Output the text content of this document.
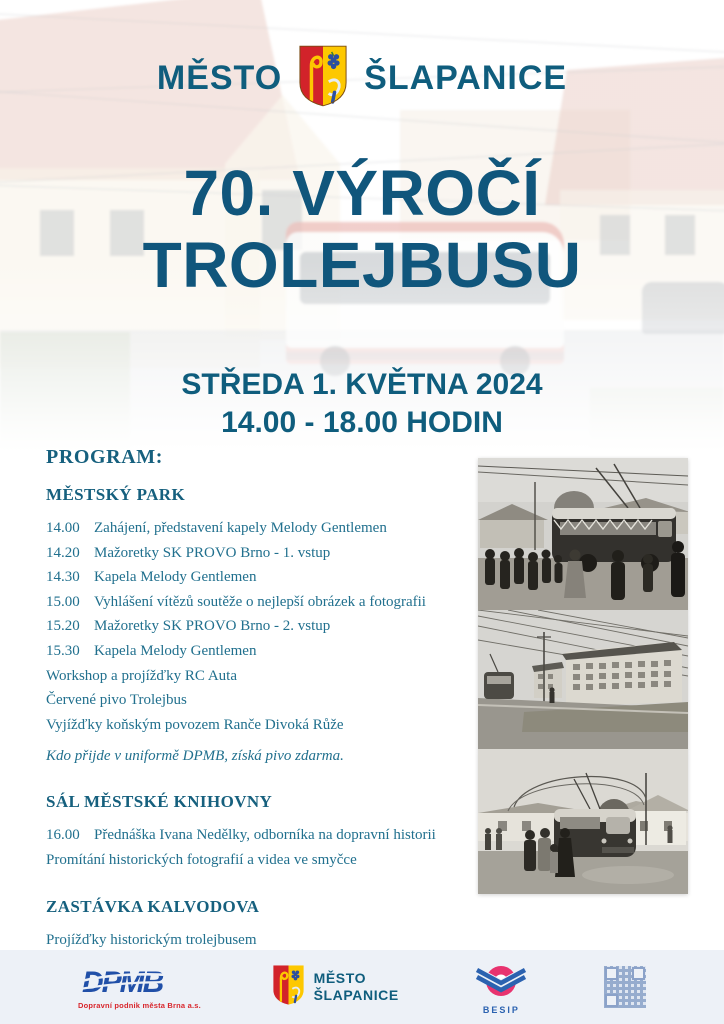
MĚSTO ŠLAPANICE
70. VÝROČÍ
TROLEJBUSU
STŘEDA 1. KVĚTNA 2024
14.00 - 18.00 HODIN
PROGRAM:
MĚSTSKÝ PARK
14.00 Zahájení, představení kapely Melody Gentlemen
14.20 Mažoretky SK PROVO Brno - 1. vstup
14.30 Kapela Melody Gentlemen
15.00 Vyhlášení vítězů soutěže o nejlepší obrázek a fotografii
15.20 Mažoretky SK PROVO Brno - 2. vstup
15.30 Kapela Melody Gentlemen
Workshop a projížďky RC Auta
Červené pivo Trolejbus
Vyjížďky koňským povozem Ranče Divoká Růže
Kdo přijde v uniformě DPMB, získá pivo zdarma.
SÁL MĚSTSKÉ KNIHOVNY
16.00 Přednáška Ivana Nedělky, odborníka na dopravní historii
Promítání historických fotografií a videa ve smyčce
ZASTÁVKA KALVODOVA
Projížďky historickým trolejbusem
DPMB
Dopravní podnik města Brna a.s.
MĚSTO
ŠLAPANICE
BESIP
